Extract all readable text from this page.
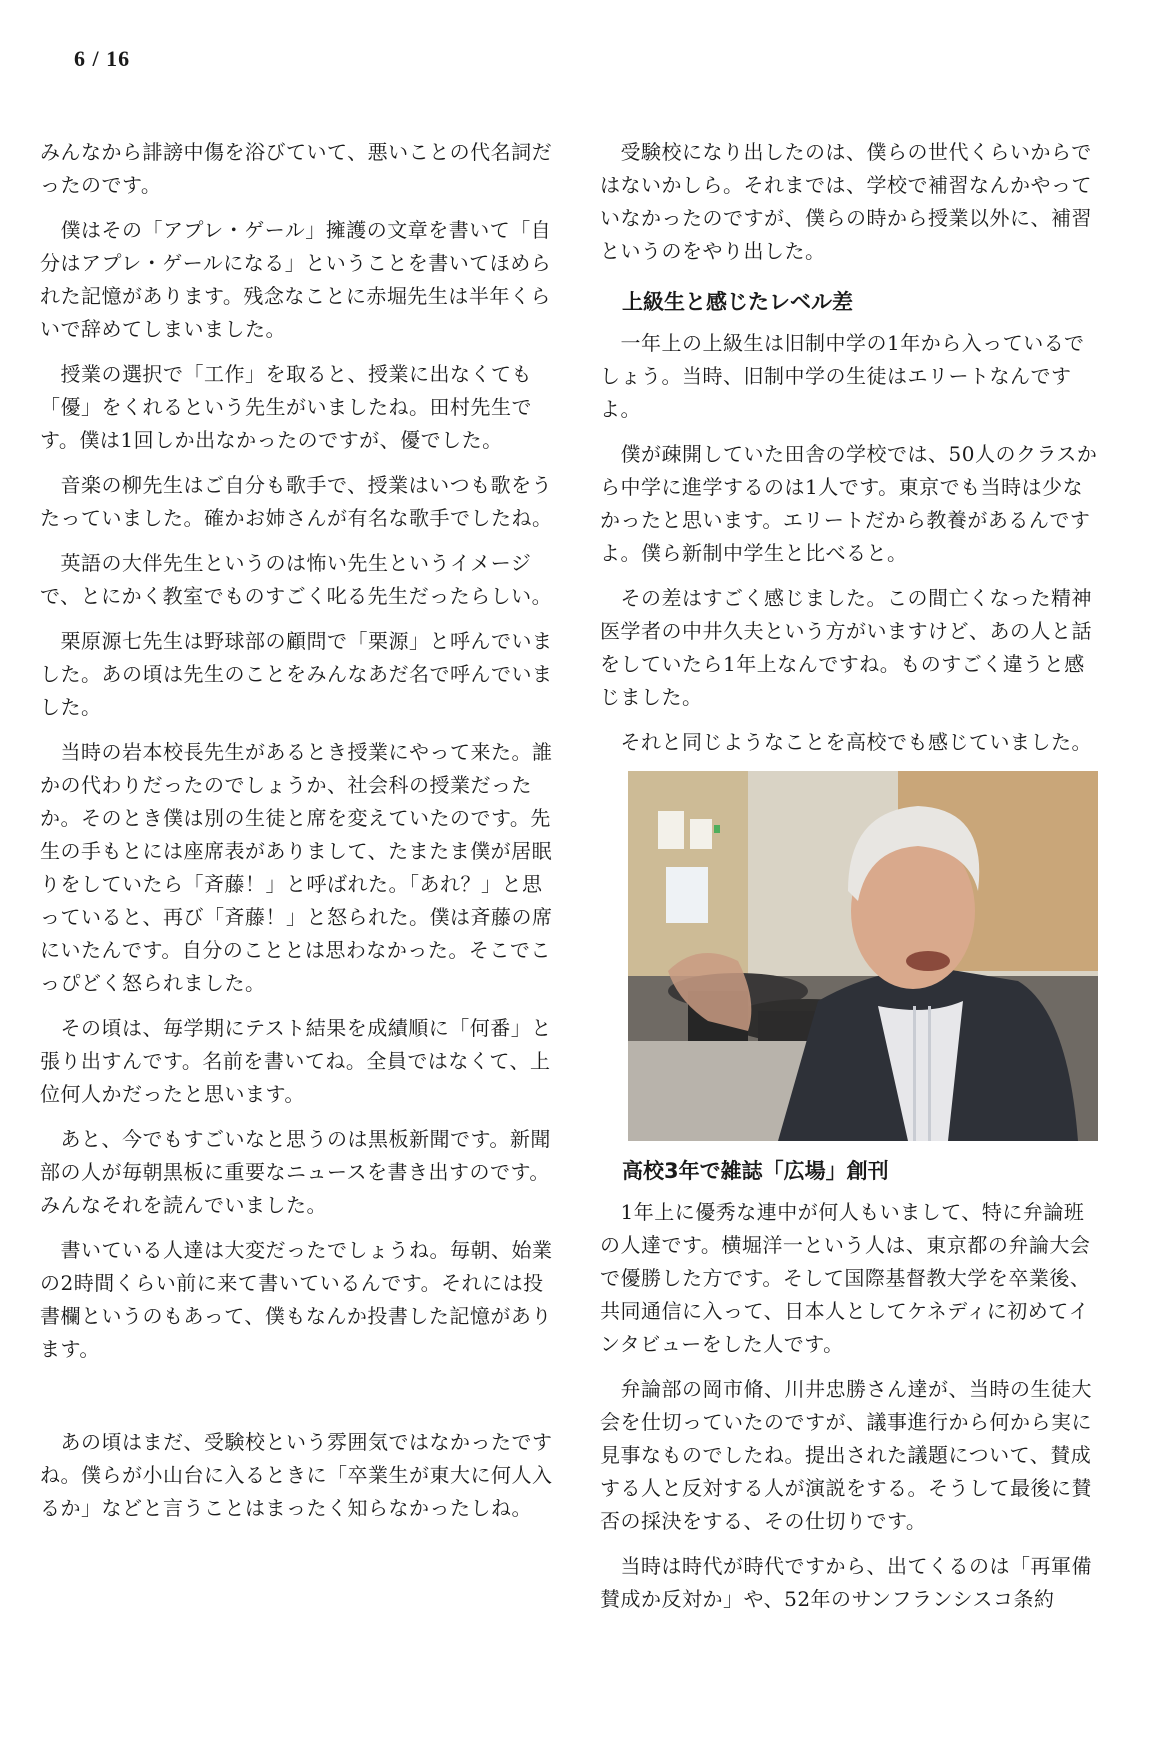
6 / 16

みんなから誹謗中傷を浴びていて、悪いことの代名詞だったのです。

　僕はその「アプレ・ゲール」擁護の文章を書いて「自分はアプレ・ゲールになる」ということを書いてほめられた記憶があります。残念なことに赤堀先生は半年くらいで辞めてしまいました。

　授業の選択で「工作」を取ると、授業に出なくても「優」をくれるという先生がいましたね。田村先生です。僕は1回しか出なかったのですが、優でした。

　音楽の柳先生はご自分も歌手で、授業はいつも歌をうたっていました。確かお姉さんが有名な歌手でしたね。

　英語の大伴先生というのは怖い先生というイメージで、とにかく教室でものすごく叱る先生だったらしい。

　栗原源七先生は野球部の顧問で「栗源」と呼んでいました。あの頃は先生のことをみんなあだ名で呼んでいました。

　当時の岩本校長先生があるとき授業にやって来た。誰かの代わりだったのでしょうか、社会科の授業だったか。そのとき僕は別の生徒と席を変えていたのです。先生の手もとには座席表がありまして、たまたま僕が居眠りをしていたら「斉藤！」と呼ばれた。「あれ？」と思っていると、再び「斉藤！」と怒られた。僕は斉藤の席にいたんです。自分のこととは思わなかった。そこでこっぴどく怒られました。

　その頃は、毎学期にテスト結果を成績順に「何番」と張り出すんです。名前を書いてね。全員ではなくて、上位何人かだったと思います。

　あと、今でもすごいなと思うのは黒板新聞です。新聞部の人が毎朝黒板に重要なニュースを書き出すのです。みんなそれを読んでいました。

　書いている人達は大変だったでしょうね。毎朝、始業の2時間くらい前に来て書いているんです。それには投書欄というのもあって、僕もなんか投書した記憶があります。

　あの頃はまだ、受験校という雰囲気ではなかったですね。僕らが小山台に入るときに「卒業生が東大に何人入るか」などと言うことはまったく知らなかったしね。

　受験校になり出したのは、僕らの世代くらいからではないかしら。それまでは、学校で補習なんかやっていなかったのですが、僕らの時から授業以外に、補習というのをやり出した。

上級生と感じたレベル差

　一年上の上級生は旧制中学の1年から入っているでしょう。当時、旧制中学の生徒はエリートなんですよ。

　僕が疎開していた田舎の学校では、50人のクラスから中学に進学するのは1人です。東京でも当時は少なかったと思います。エリートだから教養があるんですよ。僕ら新制中学生と比べると。

　その差はすごく感じました。この間亡くなった精神医学者の中井久夫という方がいますけど、あの人と話をしていたら1年上なんですね。ものすごく違うと感じました。

　それと同じようなことを高校でも感じていました。

高校3年で雑誌「広場」創刊

　1年上に優秀な連中が何人もいまして、特に弁論班の人達です。横堀洋一という人は、東京都の弁論大会で優勝した方です。そして国際基督教大学を卒業後、共同通信に入って、日本人としてケネディに初めてインタビューをした人です。

　弁論部の岡市脩、川井忠勝さん達が、当時の生徒大会を仕切っていたのですが、議事進行から何から実に見事なものでしたね。提出された議題について、賛成する人と反対する人が演説をする。そうして最後に賛否の採決をする、その仕切りです。

　当時は時代が時代ですから、出てくるのは「再軍備賛成か反対か」や、52年のサンフランシスコ条約
